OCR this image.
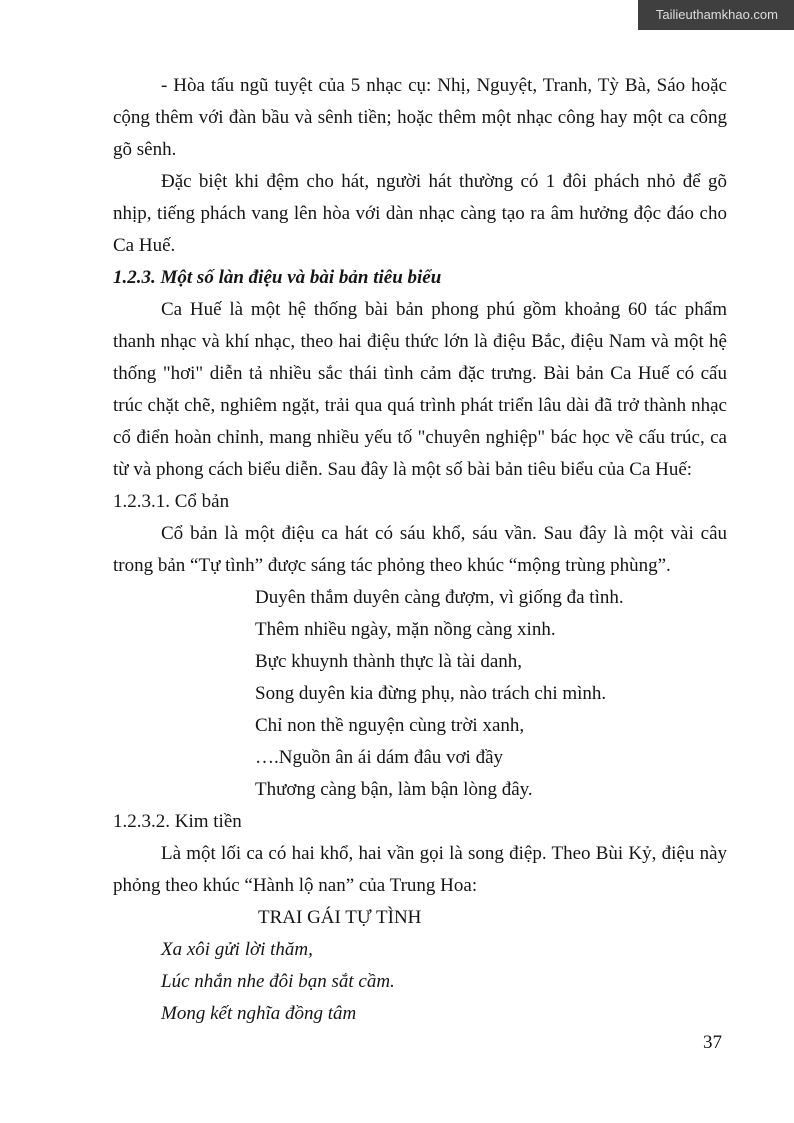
Tailieuthamkhao.com

- Hòa tấu ngũ tuyệt của 5 nhạc cụ: Nhị, Nguyệt, Tranh, Tỳ Bà, Sáo hoặc cộng thêm với đàn bầu và sênh tiền; hoặc thêm một nhạc công hay một ca công gõ sênh.

Đặc biệt khi đệm cho hát, người hát thường có 1 đôi phách nhỏ để gõ nhịp, tiếng phách vang lên hòa với dàn nhạc càng tạo ra âm hưởng độc đáo cho Ca Huế.

1.2.3. Một số làn điệu và bài bản tiêu biểu

Ca Huế là một hệ thống bài bản phong phú gồm khoảng 60 tác phẩm thanh nhạc và khí nhạc, theo hai điệu thức lớn là điệu Bắc, điệu Nam và một hệ thống "hơi" diễn tả nhiều sắc thái tình cảm đặc trưng. Bài bản Ca Huế có cấu trúc chặt chẽ, nghiêm ngặt, trải qua quá trình phát triển lâu dài đã trở thành nhạc cổ điển hoàn chỉnh, mang nhiều yếu tố "chuyên nghiệp" bác học về cấu trúc, ca từ và phong cách biểu diễn. Sau đây là một số bài bản tiêu biểu của Ca Huế:

1.2.3.1. Cổ bản

Cổ bản là một điệu ca hát có sáu khổ, sáu vần. Sau đây là một vài câu trong bản “Tự tình” được sáng tác phỏng theo khúc “mộng trùng phùng”.

Duyên thắm duyên càng đượm, vì giống đa tình.
Thêm nhiều ngày, mặn nồng càng xinh.
Bực khuynh thành thực là tài danh,
Song duyên kia đừng phụ, nào trách chi mình.
Chỉ non thề nguyện cùng trời xanh,
….Nguồn ân ái dám đâu vơi đầy
Thương càng bận, làm bận lòng đây.
1.2.3.2. Kim tiền

Là một lối ca có hai khổ, hai vần gọi là song điệp. Theo Bùi Kỷ, điệu này phỏng theo khúc “Hành lộ nan” của Trung Hoa:

TRAI GÁI TỰ TÌNH
Xa xôi gửi lời thăm,
Lúc nhắn nhe đôi bạn sắt cầm.
Mong kết nghĩa đồng tâm
37
